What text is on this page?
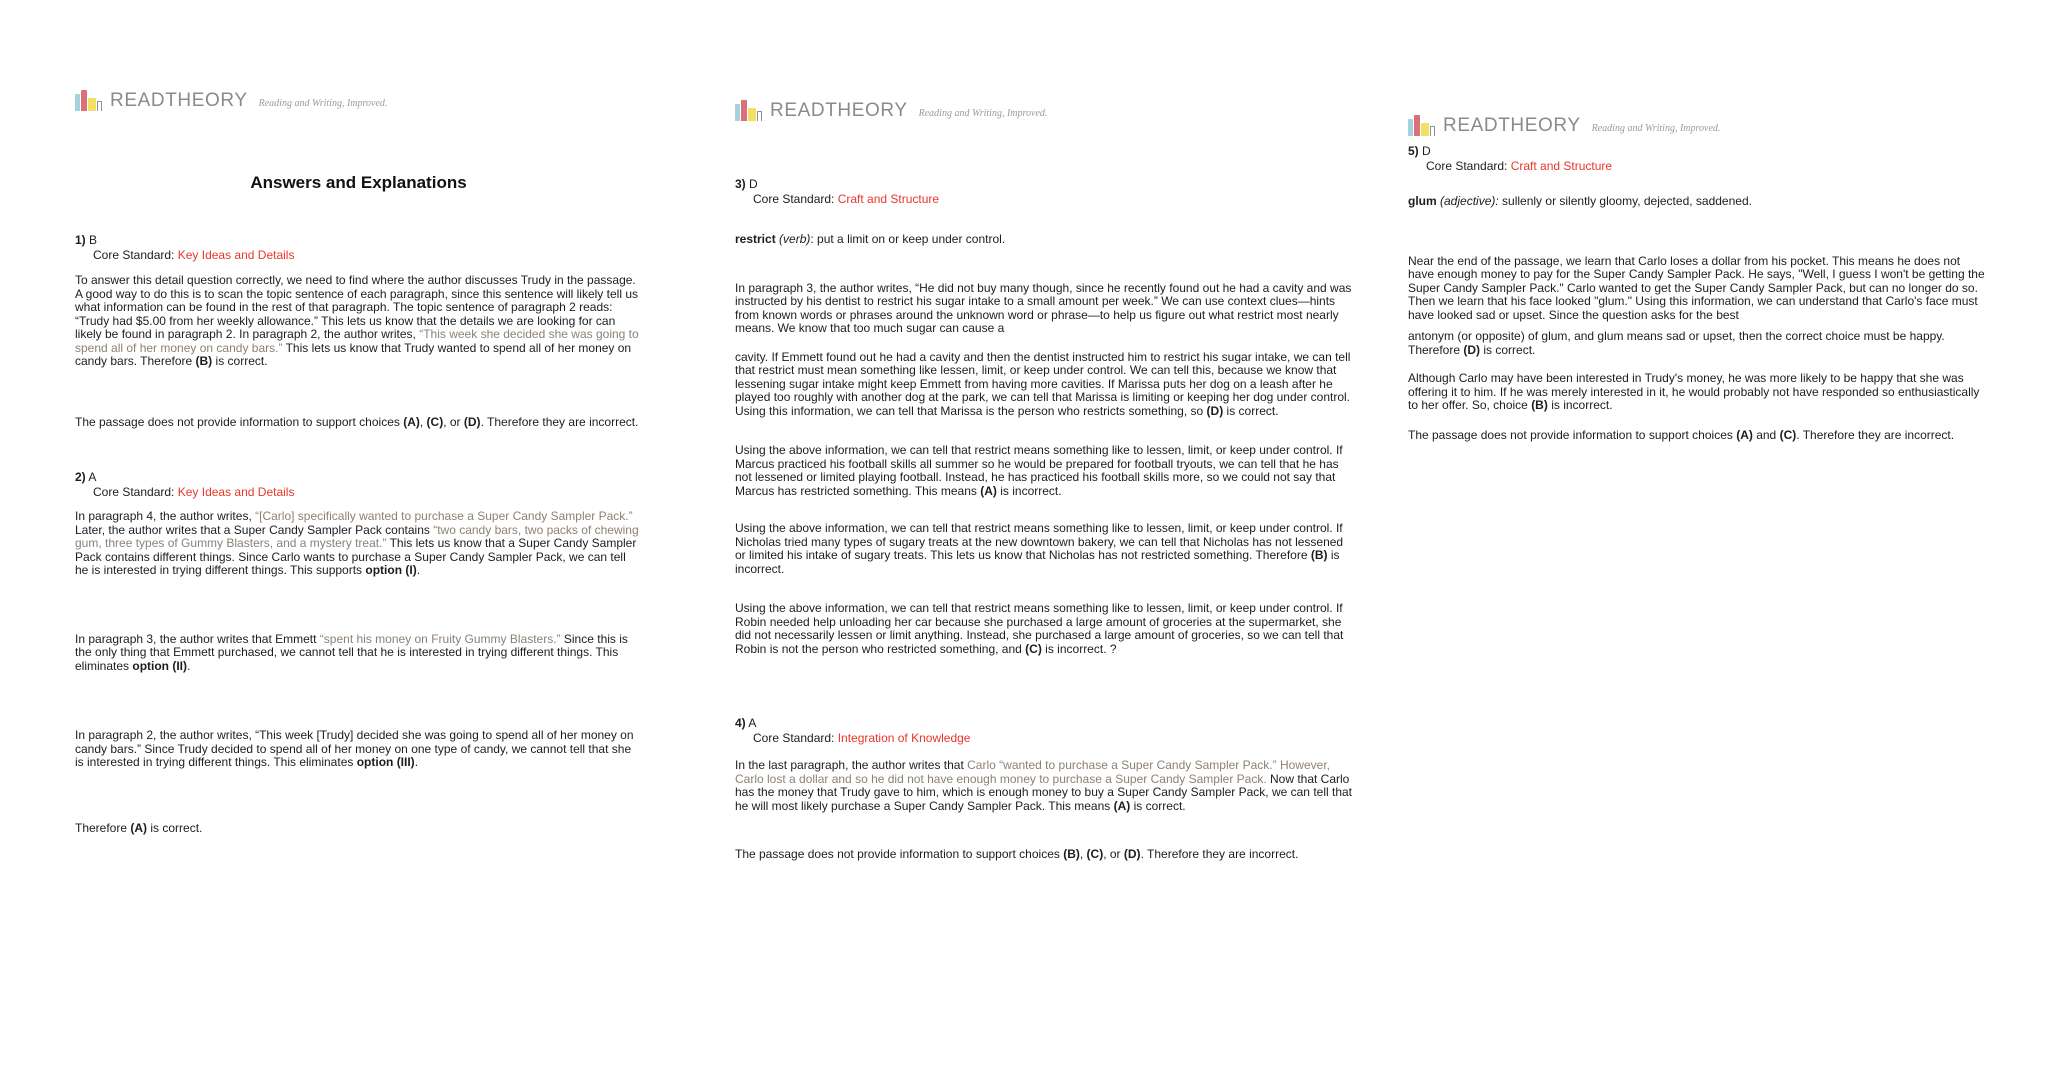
READTHEORY Reading and Writing, Improved.
Answers and Explanations
1) B
Core Standard: Key Ideas and Details

To answer this detail question correctly, we need to find where the author discusses Trudy in the passage. A good way to do this is to scan the topic sentence of each paragraph, since this sentence will likely tell us what information can be found in the rest of that paragraph. The topic sentence of paragraph 2 reads: “Trudy had $5.00 from her weekly allowance.” This lets us know that the details we are looking for can likely be found in paragraph 2. In paragraph 2, the author writes, “This week she decided she was going to spend all of her money on candy bars.” This lets us know that Trudy wanted to spend all of her money on candy bars. Therefore (B) is correct.

The passage does not provide information to support choices (A), (C), or (D). Therefore they are incorrect.

2) A
Core Standard: Key Ideas and Details

In paragraph 4, the author writes, “[Carlo] specifically wanted to purchase a Super Candy Sampler Pack.” Later, the author writes that a Super Candy Sampler Pack contains “two candy bars, two packs of chewing gum, three types of Gummy Blasters, and a mystery treat.” This lets us know that a Super Candy Sampler Pack contains different things. Since Carlo wants to purchase a Super Candy Sampler Pack, we can tell he is interested in trying different things. This supports option (I).

In paragraph 3, the author writes that Emmett “spent his money on Fruity Gummy Blasters.” Since this is the only thing that Emmett purchased, we cannot tell that he is interested in trying different things. This eliminates option (II).

In paragraph 2, the author writes, “This week [Trudy] decided she was going to spend all of her money on candy bars.” Since Trudy decided to spend all of her money on one type of candy, we cannot tell that she is interested in trying different things. This eliminates option (III).

Therefore (A) is correct.

READTHEORY Reading and Writing, Improved.
3) D
Core Standard: Craft and Structure

restrict (verb): put a limit on or keep under control.

In paragraph 3, the author writes, “He did not buy many though, since he recently found out he had a cavity and was instructed by his dentist to restrict his sugar intake to a small amount per week.” We can use context clues—hints from known words or phrases around the unknown word or phrase—to help us figure out what restrict most nearly means. We know that too much sugar can cause a

cavity. If Emmett found out he had a cavity and then the dentist instructed him to restrict his sugar intake, we can tell that restrict must mean something like lessen, limit, or keep under control. We can tell this, because we know that lessening sugar intake might keep Emmett from having more cavities. If Marissa puts her dog on a leash after he played too roughly with another dog at the park, we can tell that Marissa is limiting or keeping her dog under control. Using this information, we can tell that Marissa is the person who restricts something, so (D) is correct.

Using the above information, we can tell that restrict means something like to lessen, limit, or keep under control. If Marcus practiced his football skills all summer so he would be prepared for football tryouts, we can tell that he has not lessened or limited playing football. Instead, he has practiced his football skills more, so we could not say that Marcus has restricted something. This means (A) is incorrect.

Using the above information, we can tell that restrict means something like to lessen, limit, or keep under control. If Nicholas tried many types of sugary treats at the new downtown bakery, we can tell that Nicholas has not lessened or limited his intake of sugary treats. This lets us know that Nicholas has not restricted something. Therefore (B) is incorrect.

Using the above information, we can tell that restrict means something like to lessen, limit, or keep under control. If Robin needed help unloading her car because she purchased a large amount of groceries at the supermarket, she did not necessarily lessen or limit anything. Instead, she purchased a large amount of groceries, so we can tell that Robin is not the person who restricted something, and (C) is incorrect. ?

4) A
Core Standard: Integration of Knowledge

In the last paragraph, the author writes that Carlo “wanted to purchase a Super Candy Sampler Pack.” However, Carlo lost a dollar and so he did not have enough money to purchase a Super Candy Sampler Pack. Now that Carlo has the money that Trudy gave to him, which is enough money to buy a Super Candy Sampler Pack, we can tell that he will most likely purchase a Super Candy Sampler Pack. This means (A) is correct.

The passage does not provide information to support choices (B), (C), or (D). Therefore they are incorrect.

READTHEORY Reading and Writing, Improved.
5) D
Core Standard: Craft and Structure

glum (adjective): sullenly or silently gloomy, dejected, saddened.

Near the end of the passage, we learn that Carlo loses a dollar from his pocket. This means he does not have enough money to pay for the Super Candy Sampler Pack. He says, "Well, I guess I won't be getting the Super Candy Sampler Pack." Carlo wanted to get the Super Candy Sampler Pack, but can no longer do so. Then we learn that his face looked "glum." Using this information, we can understand that Carlo's face must have looked sad or upset. Since the question asks for the best

antonym (or opposite) of glum, and glum means sad or upset, then the correct choice must be happy. Therefore (D) is correct.

Although Carlo may have been interested in Trudy's money, he was more likely to be happy that she was offering it to him. If he was merely interested in it, he would probably not have responded so enthusiastically to her offer. So, choice (B) is incorrect.

The passage does not provide information to support choices (A) and (C). Therefore they are incorrect.
